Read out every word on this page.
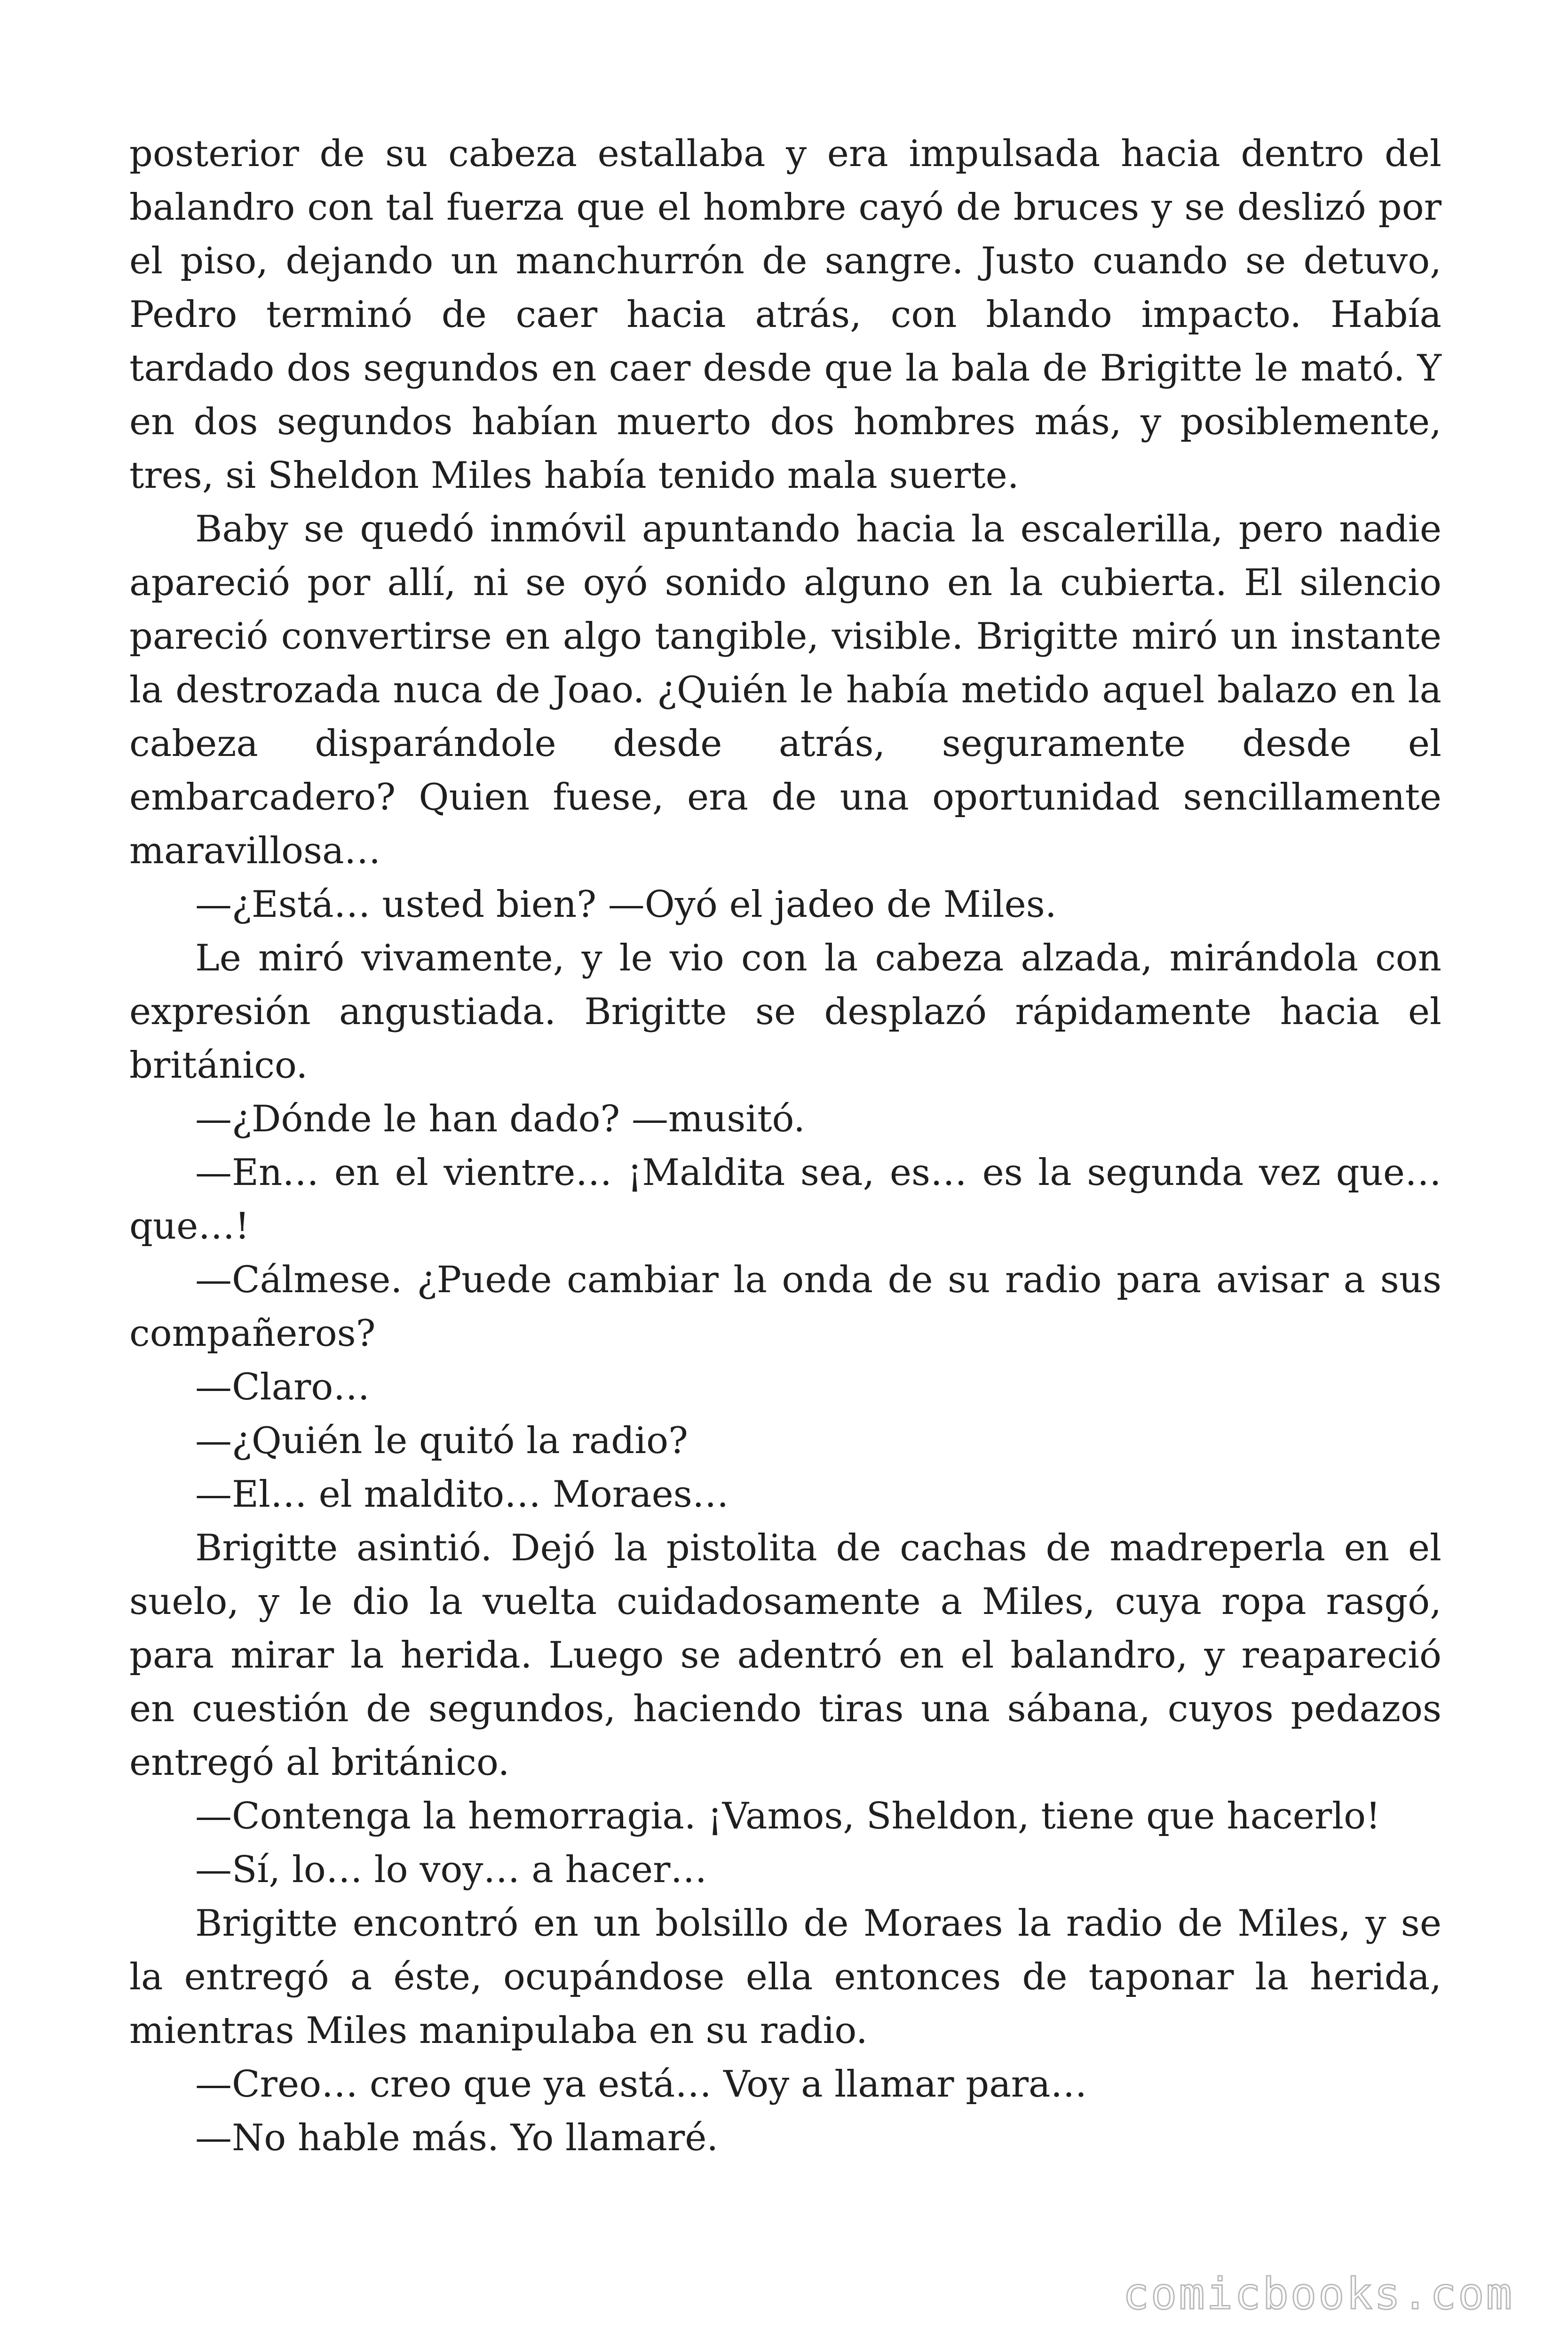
posterior de su cabeza estallaba y era impulsada hacia dentro del balandro con tal fuerza que el hombre cayó de bruces y se deslizó por el piso, dejando un manchurrón de sangre. Justo cuando se detuvo, Pedro terminó de caer hacia atrás, con blando impacto. Había tardado dos segundos en caer desde que la bala de Brigitte le mató. Y en dos segundos habían muerto dos hombres más, y posiblemente, tres, si Sheldon Miles había tenido mala suerte.

Baby se quedó inmóvil apuntando hacia la escalerilla, pero nadie apareció por allí, ni se oyó sonido alguno en la cubierta. El silencio pareció convertirse en algo tangible, visible. Brigitte miró un instante la destrozada nuca de Joao. ¿Quién le había metido aquel balazo en la cabeza disparándole desde atrás, seguramente desde el embarcadero? Quien fuese, era de una oportunidad sencillamente maravillosa…

—¿Está… usted bien? —Oyó el jadeo de Miles.

Le miró vivamente, y le vio con la cabeza alzada, mirándola con expresión angustiada. Brigitte se desplazó rápidamente hacia el británico.

—¿Dónde le han dado? —musitó.

—En… en el vientre… ¡Maldita sea, es… es la segunda vez que… que…!

—Cálmese. ¿Puede cambiar la onda de su radio para avisar a sus compañeros?

—Claro…

—¿Quién le quitó la radio?

—El… el maldito… Moraes…

Brigitte asintió. Dejó la pistolita de cachas de madreperla en el suelo, y le dio la vuelta cuidadosamente a Miles, cuya ropa rasgó, para mirar la herida. Luego se adentró en el balandro, y reapareció en cuestión de segundos, haciendo tiras una sábana, cuyos pedazos entregó al británico.

—Contenga la hemorragia. ¡Vamos, Sheldon, tiene que hacerlo!

—Sí, lo… lo voy… a hacer…

Brigitte encontró en un bolsillo de Moraes la radio de Miles, y se la entregó a éste, ocupándose ella entonces de taponar la herida, mientras Miles manipulaba en su radio.

—Creo… creo que ya está… Voy a llamar para…

—No hable más. Yo llamaré.

comicbooks.com
